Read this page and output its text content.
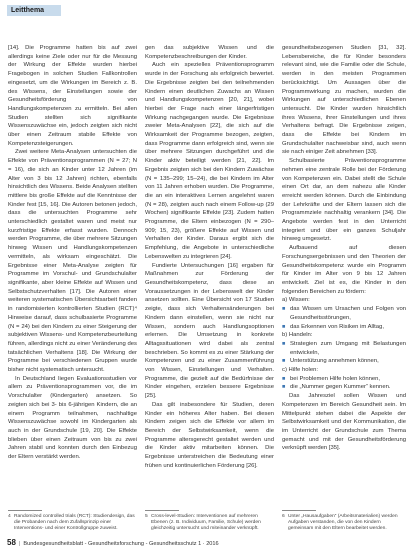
Leitthema

[14]. Die Programme hatten bis auf zwei allerdings keine Ziele oder nur für die Messung der Wirkung der Effekte wurden hierbei Fragebogen in solchen Studien Fallkontrollen eingesetzt, um die Wirkungen im Bereich z. B. des Wissens, der Einstellungen sowie der Gesundheitsförderung von Handlungskompetenzen zu ermitteln. Bei allen Studien stellten sich signifikante Wissenszuwächse ein, jedoch zeigten sich nicht über einen Zeitraum stabile Effekte von Kompetenzsteigerungen.

Zwei weitere Meta-Analysen untersuchten die Effekte von Präventionsprogrammen (N = 27; N = 16), die sich an Kinder unter 12 Jahren (im Alter von 3 bis 12 Jahren) richten, ebenfalls hinsichtlich des Wissens. Beide Analysen stellten mittlere bis große Effekte auf die Kenntnisse der Kinder fest [15, 16]. Die Autoren betonen jedoch, dass die untersuchten Programme sehr unterschiedlich gestaltet waren und meist nur kurzfristige Effekte erfasst wurden. Dennoch werden Programme, die über mehrere Sitzungen hinweg Wissen und Handlungskompetenzen vermitteln, als wirksam eingeschätzt. Die Ergebnisse einer Meta-Analyse zeigten für Programme im Vorschul- und Grundschulalter signifikante, aber kleine Effekte auf Wissen und Selbstschutzverhalten [17]. Die Autoren einer weiteren systematischen Übersichtsarbeit fanden in randomisierten kontrollierten Studien (RCT)⁴ Hinweise darauf, dass schulbasierte Programme (N = 24) bei den Kindern zu einer Steigerung der subjektiven Wissens- und Kompetenzbeurteilung führen, allerdings nicht zu einer Veränderung des tatsächlichen Verhaltens [18]. Die Wirkung der Programme bei verschiedenen Gruppen wurde bisher nicht systematisch untersucht.

In Deutschland liegen Evaluationsstudien vor allem zu Präventionsprogrammen vor, die im Vorschulalter (Kindergarten) ansetzen. So zeigten sich bei 3- bis 6-jährigen Kindern, die an einem Programm teilnahmen, nachhaltige Wissenszuwächse sowohl im Kindergarten als auch in der Grundschule [19, 20]. Die Effekte blieben über einen Zeitraum von bis zu zwei Jahren stabil und konnten durch den Einbezug der Eltern verstärkt werden.

gen das subjektive Wissen und die Kompetenzbeschreibungen der Kinder.

Auch ein spezielles Präventionsprogramm wurde in der Forschung als erfolgreich bewertet. Die Ergebnisse zeigten bei den teilnehmenden Kindern einen deutlichen Zuwachs an Wissen und Handlungskompetenzen [20, 21], wobei hierbei der Frage nach einer längerfristigen Wirkung nachgegangen wurde. Die Ergebnisse zweier Meta-Analysen [22], die sich auf die Wirksamkeit der Programme bezogen, zeigten, dass Programme dann erfolgreich sind, wenn sie über mehrere Sitzungen durchgeführt und die Kinder aktiv beteiligt werden [21, 22]. Im Ergebnis zeigten sich bei den Kindern Zuwächse (N = 135–299; 15–24), die bei Kindern im Alter von 11 Jahren erhoben wurden. Die Programme, die an ein interaktives Lernen angelehnt waren (N = 28), zeigten auch nach einem Follow-up (29 Wochen) signifikante Effekte [23]. Zudem hatten Programme, die Eltern einbezogen (N = 290–909; 15, 23), größere Effekte auf Wissen und Verhalten der Kinder. Daraus ergibt sich die Empfehlung, die Angebote in unterschiedliche Lebenswelten zu integrieren [24].

Fundierte Untersuchungen [16] ergaben für Maßnahmen zur Förderung der Gesundheitskompetenz, dass diese an Voraussetzungen in der Lebenswelt der Kinder ansetzen sollten. Eine Übersicht von 17 Studien zeigte, dass sich Verhaltensänderungen bei Kindern dann einstellen, wenn sie nicht nur Wissen, sondern auch Handlungsoptionen erlernen. Die Umsetzung in konkrete Alltagssituationen wird dabei als zentral beschrieben. So kommt es zu einer Stärkung der Kompetenzen und zu einer Zusammenführung von Wissen, Einstellungen und Verhalten. Programme, die gezielt auf die Bedürfnisse der Kinder eingehen, erzielen bessere Ergebnisse [25].

Das gilt insbesondere für Studien, deren Kinder ein höheres Alter haben. Bei diesen Kindern zeigen sich die Effekte vor allem im Bereich der Selbstwirksamkeit, wenn die Programme altersgerecht gestaltet werden und die Kinder aktiv mitarbeiten können. Die Ergebnisse unterstreichen die Bedeutung einer frühen und kontinuierlichen Förderung [26].

gesundheitsbezogenen Studien [31, 32]. Lebensbereiche, die für Kinder besonders relevant sind, wie die Familie oder die Schule, werden in den meisten Programmen berücksichtigt. Um Aussagen über die Programmwirkung zu machen, wurden die Wirkungen auf unterschiedlichen Ebenen untersucht. Die Kinder wurden hinsichtlich ihres Wissens, ihrer Einstellungen und ihres Verhaltens befragt. Die Ergebnisse zeigen, dass die Effekte bei Kindern im Grundschulalter nachweisbar sind, auch wenn sie nach einiger Zeit abnehmen [33].

Schulbasierte Präventionsprogramme nehmen eine zentrale Rolle bei der Förderung von Kompetenzen ein. Dabei stellt die Schule einen Ort dar, an dem nahezu alle Kinder erreicht werden können. Durch die Einbindung der Lehrkräfte und der Eltern lassen sich die Programmziele nachhaltig verankern [34]. Die Angebote werden fest in den Unterricht integriert und über ein ganzes Schuljahr hinweg umgesetzt.

Aufbauend auf diesen Forschungsergebnissen und den Theorien der Gesundheitskompetenz wurde ein Programm für Kinder im Alter von 9 bis 12 Jahren entwickelt. Ziel ist es, die Kinder in den folgenden Bereichen zu fördern:

a) Wissen:
■ das Wissen um Ursachen und Folgen von Gesundheitsstörungen,
■ das Erkennen von Risiken im Alltag,
b) Handeln:
■ Strategien zum Umgang mit Belastungen entwickeln,
■ Unterstützung annehmen können,
c) Hilfe holen:
■ bei Problemen Hilfe holen können,
■ die „Nummer gegen Kummer“ kennen.

Das Jahresziel sollen Wissen und Kompetenzen im Bereich Gesundheit sein. Im Mittelpunkt stehen dabei die Aspekte der Selbstwirksamkeit und der Kommunikation, die im Unterricht der Grundschule zum Thema gemacht und mit der Gesundheitsförderung verknüpft werden [35].

4 Randomized controlled trials (RCT): Studiendesign, das die Probanden nach dem Zufallsprinzip einer Interventions- und einer Kontrollgruppe zuweist.
5 Cross-level-Studien: Interventionen auf mehreren Ebenen (z. B. Individuum, Familie, Schule) werden gleichzeitig untersucht und miteinander verknüpft.
6 Unter „Hausaufgaben“ (Arbeitsmaterialien) werden Aufgaben verstanden, die von den Kindern gemeinsam mit den Eltern bearbeitet werden.
58 | Bundesgesundheitsblatt - Gesundheitsforschung - Gesundheitsschutz 1 · 2016
